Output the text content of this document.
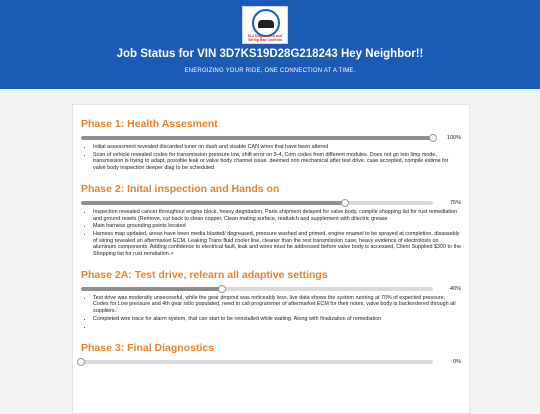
M-2 Diagnostics and Wiring Bad Controls
Job Status for VIN 3D7KS19D28G218243 Hey Neighbor!!
ENERGIZING YOUR RIDE, ONE CONNECTION AT A TIME.
Phase 1: Health Assesment
100%
• Initial assessment revealed discarded tuner on dash and visable CAN wires that have been altered
• Scan of vehicle revealed codes for transmission pressure low, shift error on 3-4, Com codes from different modules. Does not go into limp mode, transmission is trying to adapt, possible leak or valve body channel issue. deemed non mechanical after test drive. case accepted, compile estime for valve body inspection deeper diag to be scheduled
Phase 2: Inital inspection and Hands on
75%
• Inspection revealed cancer throughout engine block, heavy degridation, Parts shipment delayed for valve body, compile shopping list for rust remediation and ground resets (Remove, cut back to clean copper, Clean mating surface, reattatch and supplement with dilectric grease
• Main harness grounding points located
• Harness map updated, areas have been media blasted/ degreased, pressure washed and primed, engine enamel to be sprayed at completion. disassebly of wiring revealed an aftermarket ECM, Leaking Trans fluid cooler line, cleaner than the rest transmission case, heavy evidence of electrolosis on aluminum components. Adding confidence to electrical fault, leak and wires must be addressed before valve body is accessed, Client Supplied $300 to the Shopping list for rust remdiation.>
Phase 2A: Test drive, relearn all adaptive settings
40%
• Test drive was moderatly unsecessful, while the gear dropout was noticeably less, live data shows the system running at 70% of expected pressure, Codes for Low pressure and 4th gear ratio populated, need to call programmer of aftermarket ECM for their notes, valve body is backordered through all suppliers.
• Completed wire trace for alarm system, that can start to be reinstalled while waiting. Along with finalization of remediation
•
Phase 3: Final Diagnostics
0%
